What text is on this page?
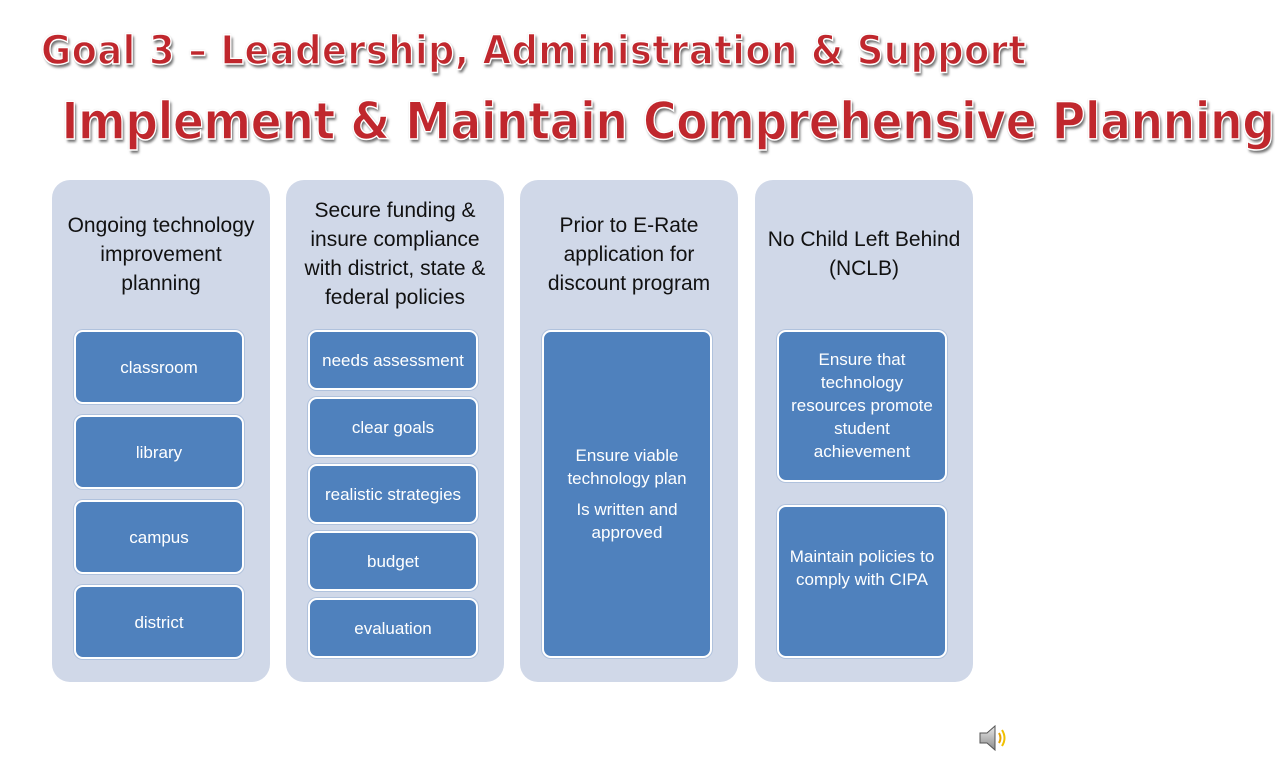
Goal 3 – Leadership, Administration & Support
Implement & Maintain Comprehensive Planning
Ongoing technology improvement planning
classroom
library
campus
district
Secure funding & insure compliance with district, state & federal policies
needs assessment
clear goals
realistic strategies
budget
evaluation
Prior to E-Rate application for discount program
Ensure viable technology plan
Is written and approved
No Child Left Behind (NCLB)
Ensure that technology resources promote student achievement
Maintain policies to comply with CIPA
